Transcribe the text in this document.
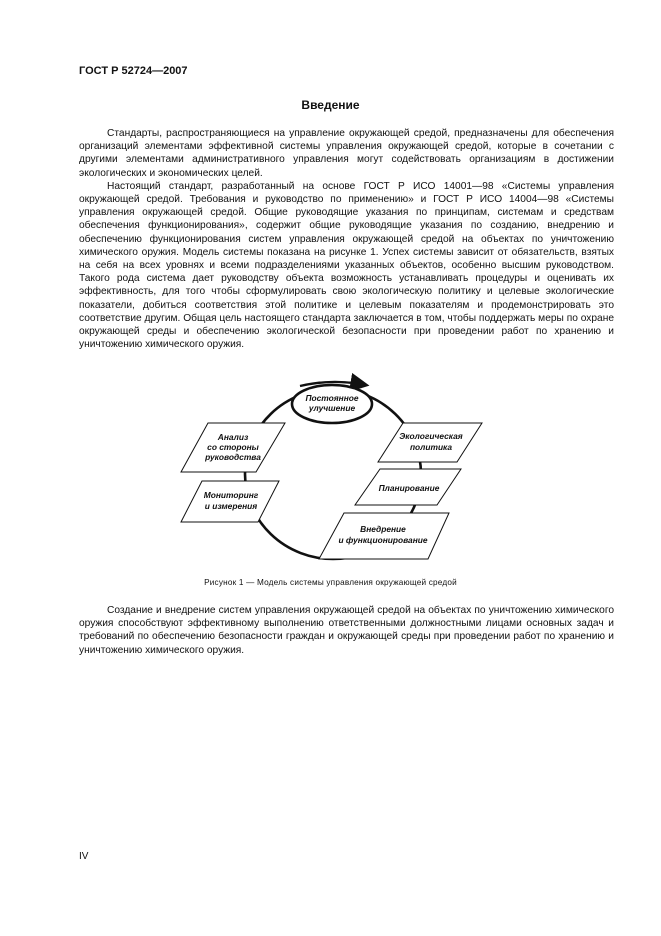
ГОСТ Р 52724—2007
Введение

Стандарты, распространяющиеся на управление окружающей средой, предназначены для обеспечения организаций элементами эффективной системы управления окружающей средой, которые в сочетании с другими элементами административного управления могут содействовать организациям в достижении экологических и экономических целей.

Настоящий стандарт, разработанный на основе ГОСТ Р ИСО 14001—98 «Системы управления окружающей средой. Требования и руководство по применению» и ГОСТ Р ИСО 14004—98 «Системы управления окружающей средой. Общие руководящие указания по принципам, системам и средствам обеспечения функционирования», содержит общие руководящие указания по созданию, внедрению и обеспечению функционирования систем управления окружающей средой на объектах по уничтожению химического оружия. Модель системы показана на рисунке 1. Успех системы зависит от обязательств, взятых на себя на всех уровнях и всеми подразделениями указанных объектов, особенно высшим руководством. Такого рода система дает руководству объекта возможность устанавливать процедуры и оценивать их эффективность, для того чтобы сформулировать свою экологическую политику и целевые экологические показатели, добиться соответствия этой политике и целевым показателям и продемонстрировать это соответствие другим. Общая цель настоящего стандарта заключается в том, чтобы поддержать меры по охране окружающей среды и обеспечению экологической безопасности при проведении работ по хранению и уничтожению химического оружия.

Постоянное
улучшение
Анализ
со стороны
руководства
Экологическая
политика
Мониторинг
и измерения
Планирование
Внедрение
и функционирование
Рисунок 1 — Модель системы управления окружающей средой

Создание и внедрение систем управления окружающей средой на объектах по уничтожению химического оружия способствуют эффективному выполнению ответственными должностными лицами основных задач и требований по обеспечению безопасности граждан и окружающей среды при проведении работ по хранению и уничтожению химического оружия.

IV
